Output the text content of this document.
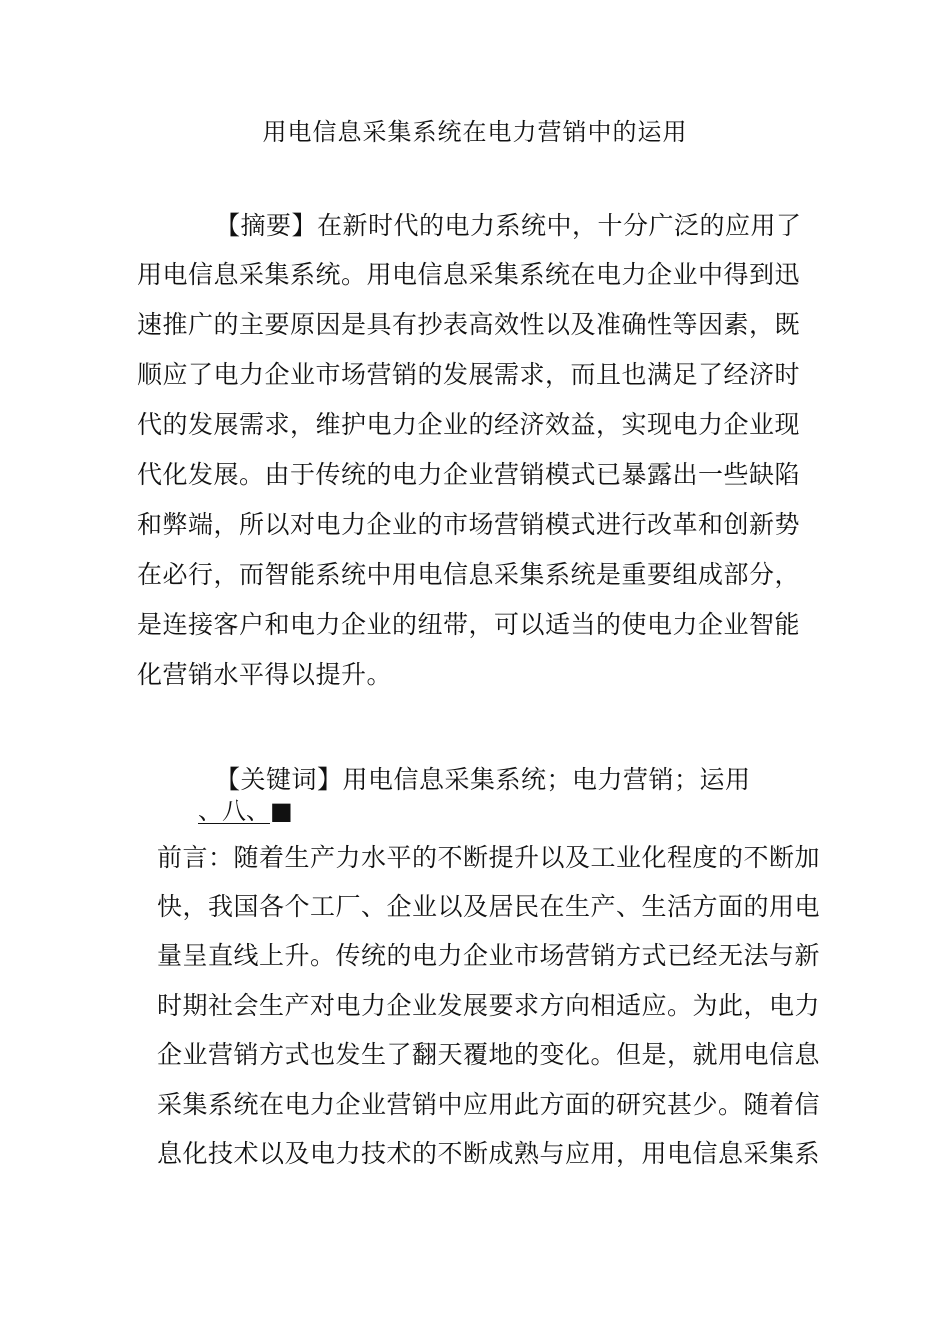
用电信息采集系统在电力营销中的运用
【摘要】在新时代的电力系统中，十分广泛的应用了
用电信息采集系统。用电信息采集系统在电力企业中得到迅
速推广的主要原因是具有抄表高效性以及准确性等因素，既
顺应了电力企业市场营销的发展需求，而且也满足了经济时
代的发展需求，维护电力企业的经济效益，实现电力企业现
代化发展。由于传统的电力企业营销模式已暴露出一些缺陷
和弊端，所以对电力企业的市场营销模式进行改革和创新势
在必行，而智能系统中用电信息采集系统是重要组成部分，
是连接客户和电力企业的纽带，可以适当的使电力企业智能
化营销水平得以提升。
【关键词】用电信息采集系统；电力营销；运用
、八、■
前言：随着生产力水平的不断提升以及工业化程度的不断加
快，我国各个工厂、企业以及居民在生产、生活方面的用电
量呈直线上升。传统的电力企业市场营销方式已经无法与新
时期社会生产对电力企业发展要求方向相适应。为此，电力
企业营销方式也发生了翻天覆地的变化。但是，就用电信息
采集系统在电力企业营销中应用此方面的研究甚少。随着信
息化技术以及电力技术的不断成熟与应用，用电信息采集系
